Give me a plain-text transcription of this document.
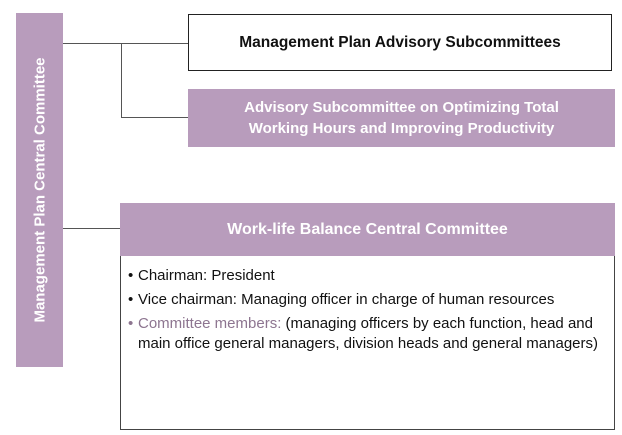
Management Plan Central Committee
Management Plan Advisory Subcommittees
Advisory Subcommittee on Optimizing Total
Working Hours and Improving Productivity
Work-life Balance Central Committee
• Chairman: President
• Vice chairman: Managing officer in charge of human resources
• Committee members: (managing officers by each function, head and main office general managers, division heads and general managers)
